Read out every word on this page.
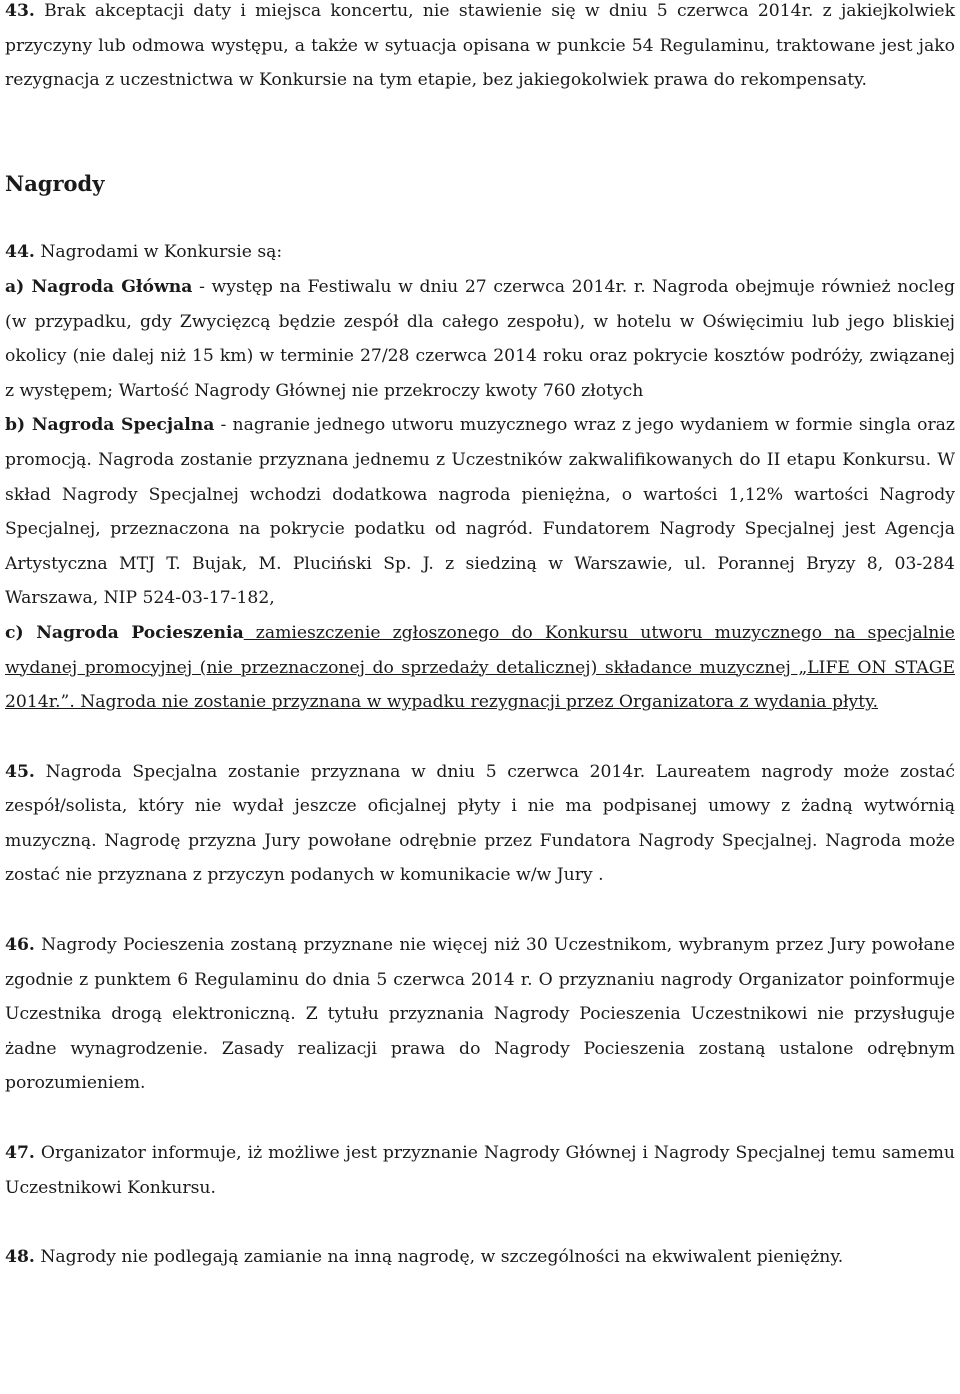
43. Brak akceptacji daty i miejsca koncertu, nie stawienie się w dniu 5 czerwca 2014r. z jakiejkolwiek przyczyny lub odmowa występu, a także w sytuacja opisana w punkcie 54 Regulaminu, traktowane jest jako rezygnacja z uczestnictwa w Konkursie na tym etapie, bez jakiegokolwiek prawa do rekompensaty.

Nagrody

44. Nagrodami w Konkursie są:

a) Nagroda Główna - występ na Festiwalu w dniu 27 czerwca 2014r. r. Nagroda obejmuje również nocleg (w przypadku, gdy Zwycięzcą będzie zespół dla całego zespołu), w hotelu w Oświęcimiu lub jego bliskiej okolicy (nie dalej niż 15 km) w terminie 27/28 czerwca 2014 roku oraz pokrycie kosztów podróży, związanej z występem; Wartość Nagrody Głównej nie przekroczy kwoty 760 złotych

b) Nagroda Specjalna - nagranie jednego utworu muzycznego wraz z jego wydaniem w formie singla oraz promocją. Nagroda zostanie przyznana jednemu z Uczestników zakwalifikowanych do II etapu Konkursu. W skład Nagrody Specjalnej wchodzi dodatkowa nagroda pieniężna, o wartości 1,12% wartości Nagrody Specjalnej, przeznaczona na pokrycie podatku od nagród. Fundatorem Nagrody Specjalnej jest Agencja Artystyczna MTJ T. Bujak, M. Pluciński Sp. J. z siedziną w Warszawie, ul. Porannej Bryzy 8, 03-284 Warszawa, NIP 524-03-17-182,

c) Nagroda Pocieszenia zamieszczenie zgłoszonego do Konkursu utworu muzycznego na specjalnie wydanej promocyjnej (nie przeznaczonej do sprzedaży detalicznej) składance muzycznej „LIFE ON STAGE 2014r.”. Nagroda nie zostanie przyznana w wypadku rezygnacji przez Organizatora z wydania płyty.

45. Nagroda Specjalna zostanie przyznana w dniu 5 czerwca 2014r. Laureatem nagrody może zostać zespół/solista, który nie wydał jeszcze oficjalnej płyty i nie ma podpisanej umowy z żadną wytwórnią muzyczną. Nagrodę przyzna Jury powołane odrębnie przez Fundatora Nagrody Specjalnej. Nagroda może zostać nie przyznana z przyczyn podanych w komunikacie w/w Jury .

46. Nagrody Pocieszenia zostaną przyznane nie więcej niż 30 Uczestnikom, wybranym przez Jury powołane zgodnie z punktem 6 Regulaminu do dnia 5 czerwca 2014 r. O przyznaniu nagrody Organizator poinformuje Uczestnika drogą elektroniczną. Z tytułu przyznania Nagrody Pocieszenia Uczestnikowi nie przysługuje żadne wynagrodzenie. Zasady realizacji prawa do Nagrody Pocieszenia zostaną ustalone odrębnym porozumieniem.

47. Organizator informuje, iż możliwe jest przyznanie Nagrody Głównej i Nagrody Specjalnej temu samemu Uczestnikowi Konkursu.

48. Nagrody nie podlegają zamianie na inną nagrodę, w szczególności na ekwiwalent pieniężny.
